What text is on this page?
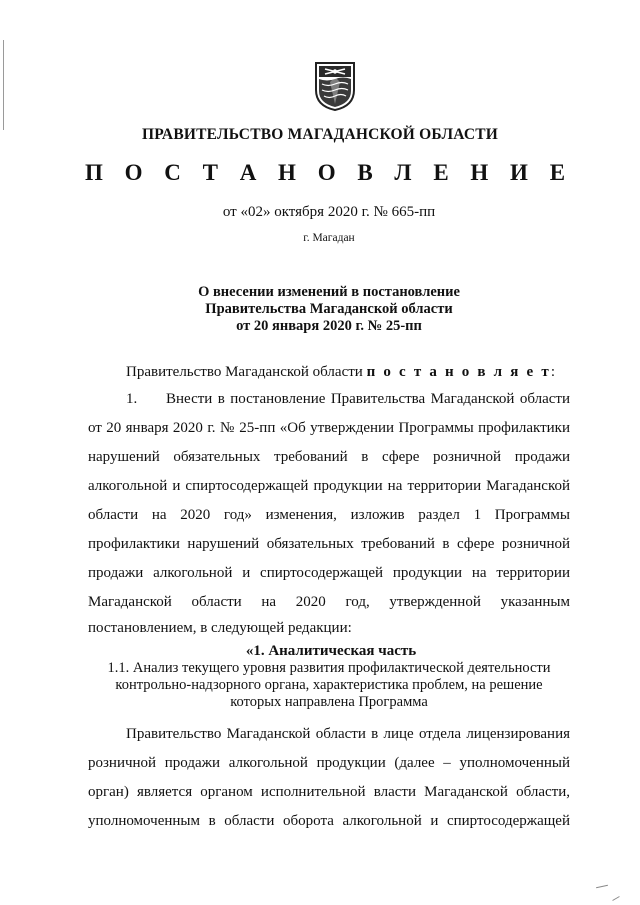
ПРАВИТЕЛЬСТВО МАГАДАНСКОЙ ОБЛАСТИ
П О С Т А Н О В Л Е Н И Е
от «02» октября 2020 г. № 665-пп
г. Магадан
О внесении изменений в постановление
Правительства Магаданской области
от 20 января 2020 г. № 25-пп
Правительство Магаданской области п о с т а н о в л я е т:
1. Внести в постановление Правительства Магаданской области
от 20 января 2020 г. № 25-пп «Об утверждении Программы профилактики
нарушений обязательных требований в сфере розничной продажи
алкогольной и спиртосодержащей продукции на территории Магаданской
области на 2020 год» изменения, изложив раздел 1 Программы
профилактики нарушений обязательных требований в сфере розничной
продажи алкогольной и спиртосодержащей продукции на территории
Магаданской области на 2020 год, утвержденной указанным
постановлением, в следующей редакции:
«1. Аналитическая часть
1.1. Анализ текущего уровня развития профилактической деятельности
контрольно-надзорного органа, характеристика проблем, на решение
которых направлена Программа
Правительство Магаданской области в лице отдела лицензирования
розничной продажи алкогольной продукции (далее – уполномоченный
орган) является органом исполнительной власти Магаданской области,
уполномоченным в области оборота алкогольной и спиртосодержащей
